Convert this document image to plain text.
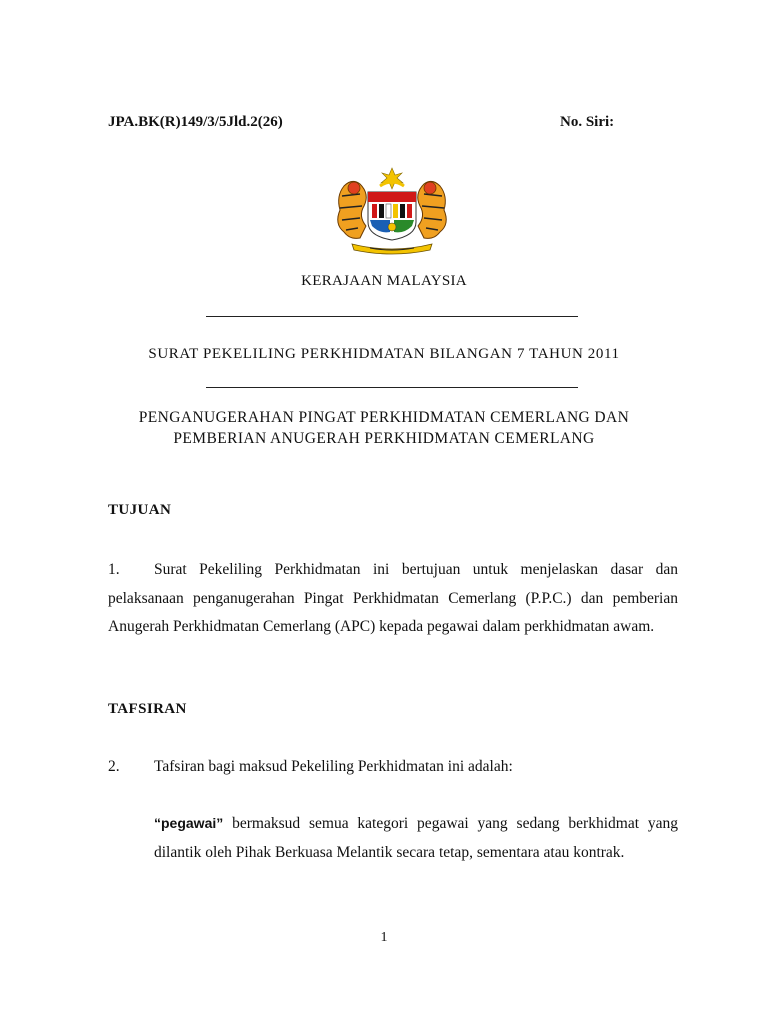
JPA.BK(R)149/3/5Jld.2(26)	No. Siri:
KERAJAAN MALAYSIA
SURAT PEKELILING PERKHIDMATAN BILANGAN 7 TAHUN 2011
PENGANUGERAHAN PINGAT PERKHIDMATAN CEMERLANG DAN
PEMBERIAN ANUGERAH PERKHIDMATAN CEMERLANG
TUJUAN
1. Surat Pekeliling Perkhidmatan ini bertujuan untuk menjelaskan dasar dan pelaksanaan penganugerahan Pingat Perkhidmatan Cemerlang (P.P.C.) dan pemberian Anugerah Perkhidmatan Cemerlang (APC) kepada pegawai dalam perkhidmatan awam.
TAFSIRAN
2. Tafsiran bagi maksud Pekeliling Perkhidmatan ini adalah:
“pegawai” bermaksud semua kategori pegawai yang sedang berkhidmat yang dilantik oleh Pihak Berkuasa Melantik secara tetap, sementara atau kontrak.
1
